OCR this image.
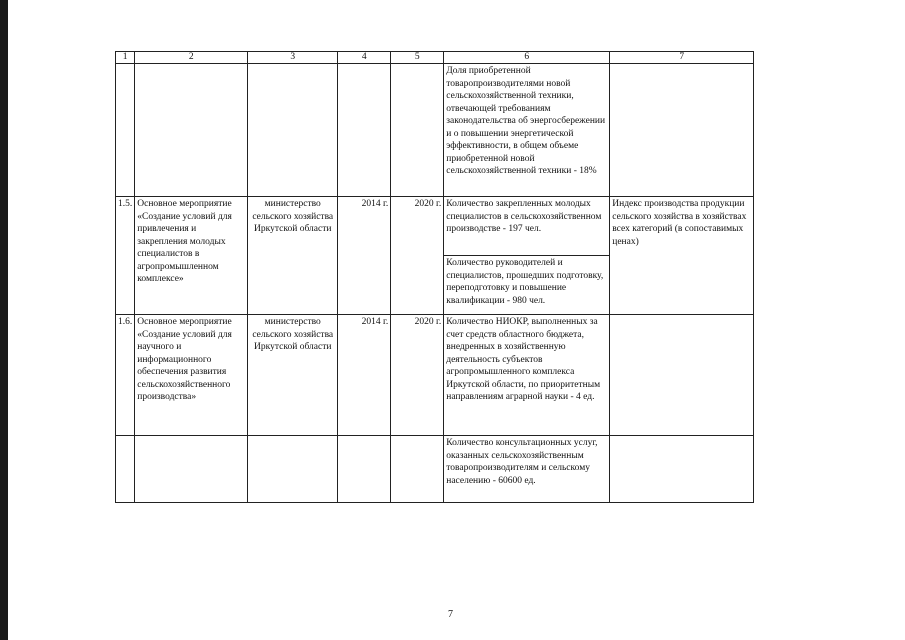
1	2	3	4	5	6	7
					Доля приобретенной товаропроизводителями новой сельскохозяйственной техники, отвечающей требованиям законодательства об энергосбережении и о повышении энергетической эффективности, в общем объеме приобретенной новой сельскохозяйственной техники - 18%	
1.5.	Основное мероприятие «Создание условий для привлечения и закрепления молодых специалистов в агропромышленном комплексе»	министерство сельского хозяйства Иркутской области	2014 г.	2020 г.	Количество закрепленных молодых специалистов в сельскохозяйственном производстве - 197 чел.	Индекс производства продукции сельского хозяйства в хозяйствах всех категорий (в сопоставимых ценах)
					Количество руководителей и специалистов, прошедших подготовку, переподготовку и повышение квалификации - 980 чел.	
1.6.	Основное мероприятие «Создание условий для научного и информационного обеспечения развития сельскохозяйственного производства»	министерство сельского хозяйства Иркутской области	2014 г.	2020 г.	Количество НИОКР, выполненных за счет средств областного бюджета, внедренных в хозяйственную деятельность субъектов агропромышленного комплекса Иркутской области, по приоритетным направлениям аграрной науки - 4 ед.	
					Количество консультационных услуг, оказанных сельскохозяйственным товаропроизводителям и сельскому населению - 60600 ед.	
7
